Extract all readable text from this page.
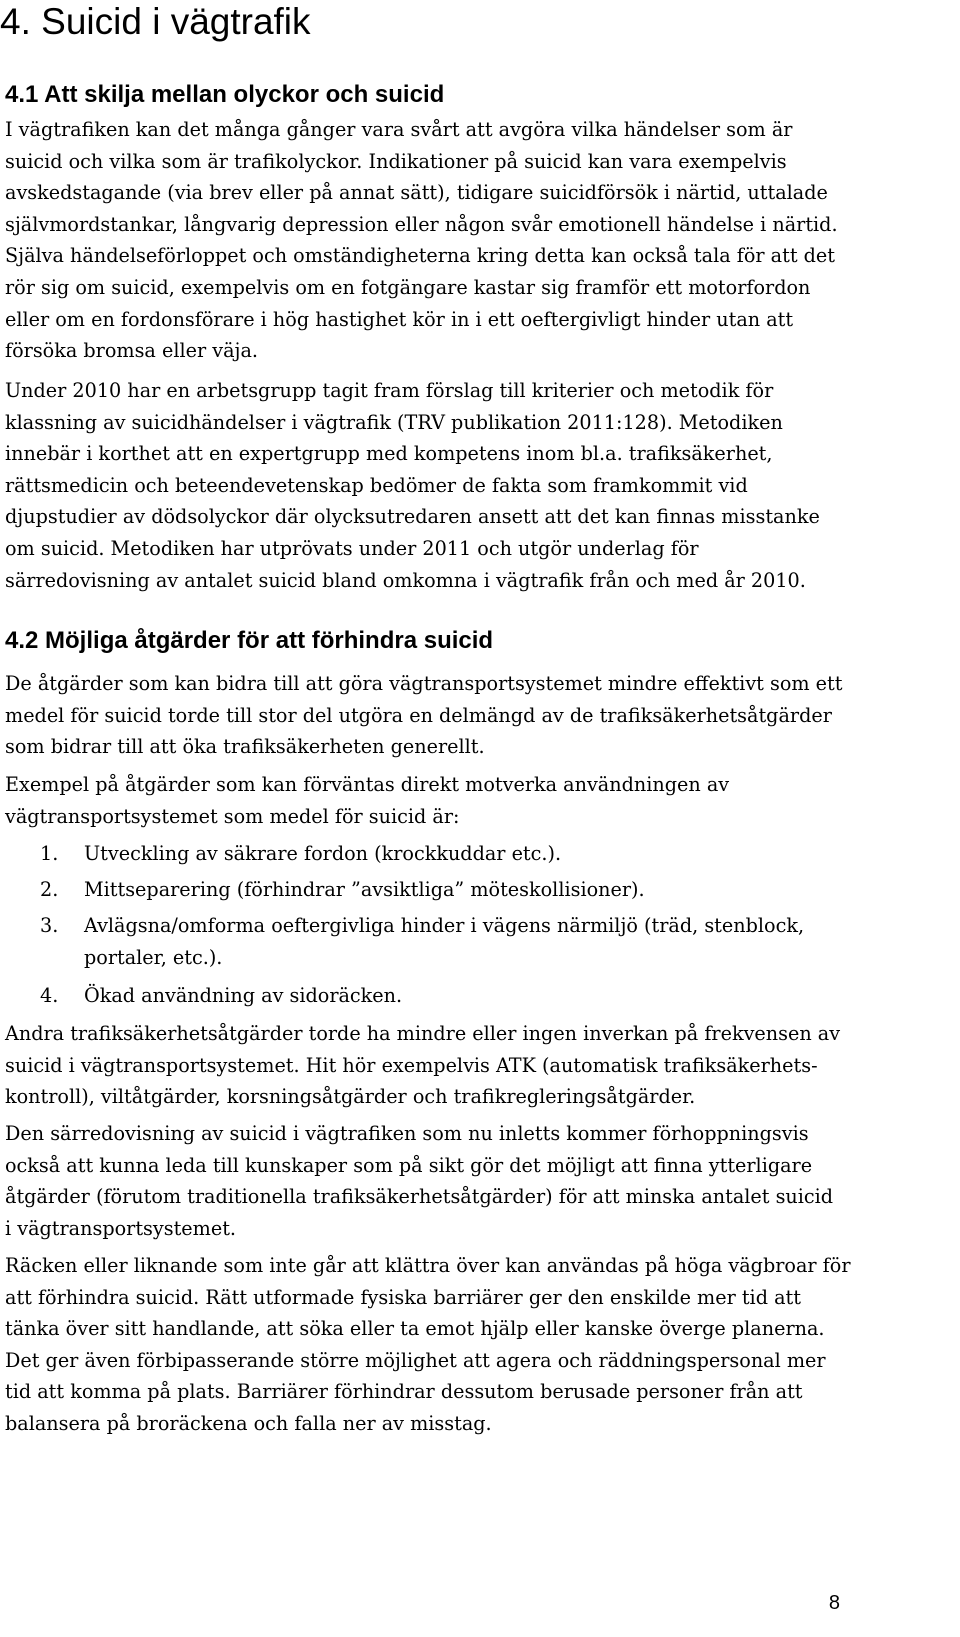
4. Suicid i vägtrafik
4.1 Att skilja mellan olyckor och suicid

I vägtrafiken kan det många gånger vara svårt att avgöra vilka händelser som är
suicid och vilka som är trafikolyckor. Indikationer på suicid kan vara exempelvis
avskedstagande (via brev eller på annat sätt), tidigare suicidförsök i närtid, uttalade
självmordstankar, långvarig depression eller någon svår emotionell händelse i närtid.
Själva händelseförloppet och omständigheterna kring detta kan också tala för att det
rör sig om suicid, exempelvis om en fotgängare kastar sig framför ett motorfordon
eller om en fordonsförare i hög hastighet kör in i ett oeftergivligt hinder utan att
försöka bromsa eller väja.

Under 2010 har en arbetsgrupp tagit fram förslag till kriterier och metodik för
klassning av suicidhändelser i vägtrafik (TRV publikation 2011:128). Metodiken
innebär i korthet att en expertgrupp med kompetens inom bl.a. trafiksäkerhet,
rättsmedicin och beteendevetenskap bedömer de fakta som framkommit vid
djupstudier av dödsolyckor där olycksutredaren ansett att det kan finnas misstanke
om suicid. Metodiken har utprövats under 2011 och utgör underlag för
särredovisning av antalet suicid bland omkomna i vägtrafik från och med år 2010.

4.2 Möjliga åtgärder för att förhindra suicid

De åtgärder som kan bidra till att göra vägtransportsystemet mindre effektivt som ett
medel för suicid torde till stor del utgöra en delmängd av de trafiksäkerhetsåtgärder
som bidrar till att öka trafiksäkerheten generellt.

Exempel på åtgärder som kan förväntas direkt motverka användningen av
vägtransportsystemet som medel för suicid är:

1. Utveckling av säkrare fordon (krockkuddar etc.).
2. Mittseparering (förhindrar ”avsiktliga” möteskollisioner).
3. Avlägsna/omforma oeftergivliga hinder i vägens närmiljö (träd, stenblock,
portaler, etc.).
4. Ökad användning av sidoräcken.

Andra trafiksäkerhetsåtgärder torde ha mindre eller ingen inverkan på frekvensen av
suicid i vägtransportsystemet. Hit hör exempelvis ATK (automatisk trafiksäkerhets-
kontroll), viltåtgärder, korsningsåtgärder och trafikregleringsåtgärder.

Den särredovisning av suicid i vägtrafiken som nu inletts kommer förhoppningsvis
också att kunna leda till kunskaper som på sikt gör det möjligt att finna ytterligare
åtgärder (förutom traditionella trafiksäkerhetsåtgärder) för att minska antalet suicid
i vägtransportsystemet.

Räcken eller liknande som inte går att klättra över kan användas på höga vägbroar för
att förhindra suicid. Rätt utformade fysiska barriärer ger den enskilde mer tid att
tänka över sitt handlande, att söka eller ta emot hjälp eller kanske överge planerna.
Det ger även förbipasserande större möjlighet att agera och räddningspersonal mer
tid att komma på plats. Barriärer förhindrar dessutom berusade personer från att
balansera på broräckena och falla ner av misstag.

8
